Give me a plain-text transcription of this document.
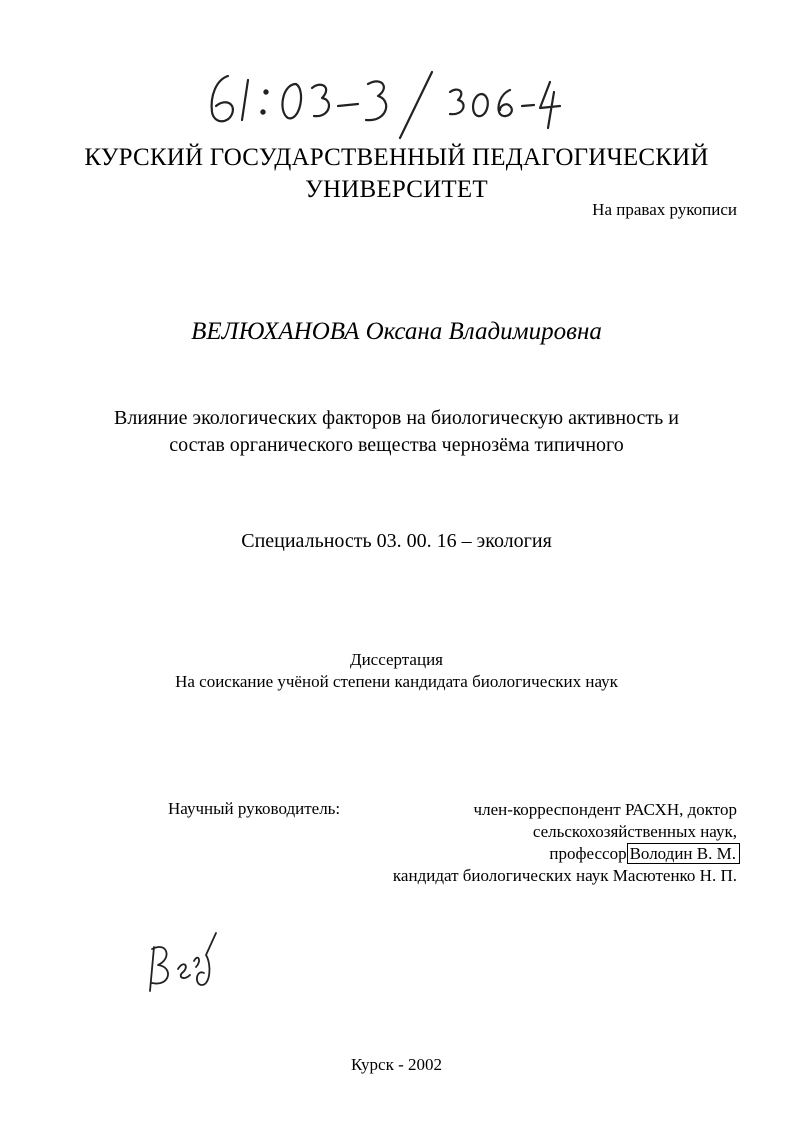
КУРСКИЙ ГОСУДАРСТВЕННЫЙ ПЕДАГОГИЧЕСКИЙ
УНИВЕРСИТЕТ
На правах рукописи
ВЕЛЮХАНОВА Оксана Владимировна
Влияние экологических факторов на биологическую активность и
состав органического вещества чернозёма типичного
Специальность 03. 00. 16 – экология
Диссертация
На соискание учёной степени кандидата биологических наук
Научный руководитель:	член-корреспондент РАСХН, доктор
сельскохозяйственных наук,
профессор Володин В. М.
кандидат биологических наук Масютенко Н. П.
Курск - 2002
